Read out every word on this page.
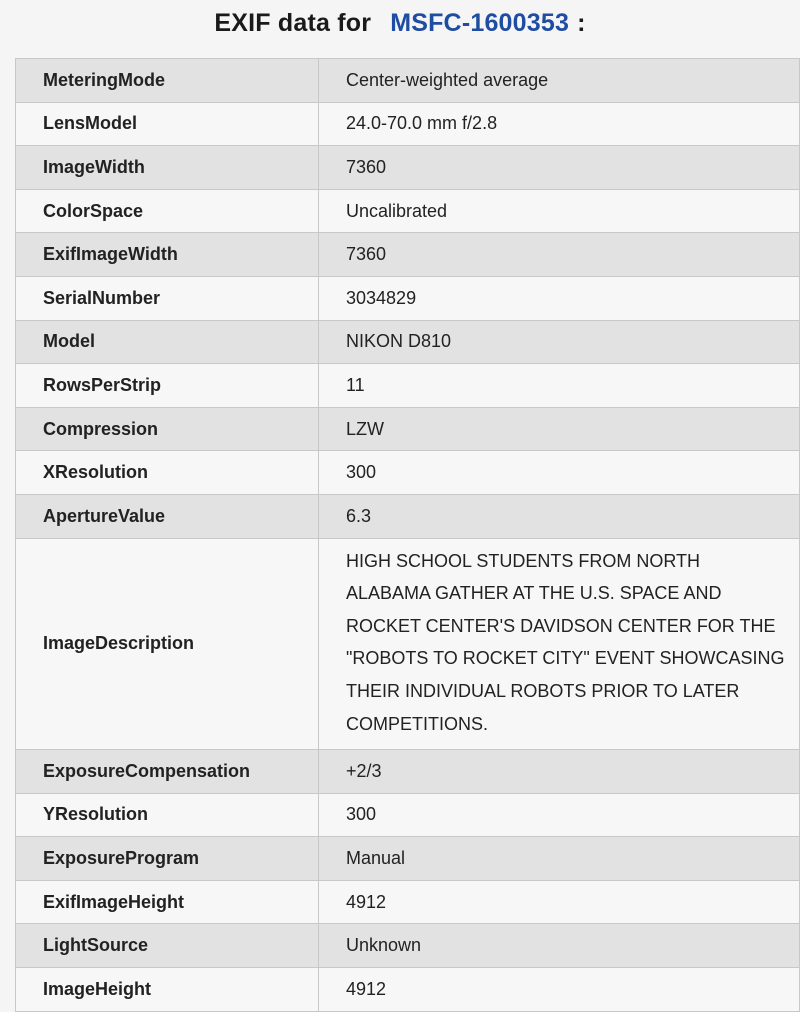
EXIF data for MSFC-1600353 :
MeteringMode	Center-weighted average
LensModel	24.0-70.0 mm f/2.8
ImageWidth	7360
ColorSpace	Uncalibrated
ExifImageWidth	7360
SerialNumber	3034829
Model	NIKON D810
RowsPerStrip	11
Compression	LZW
XResolution	300
ApertureValue	6.3
ImageDescription	HIGH SCHOOL STUDENTS FROM NORTH ALABAMA GATHER AT THE U.S. SPACE AND ROCKET CENTER'S DAVIDSON CENTER FOR THE "ROBOTS TO ROCKET CITY" EVENT SHOWCASING THEIR INDIVIDUAL ROBOTS PRIOR TO LATER COMPETITIONS.
ExposureCompensation	+2/3
YResolution	300
ExposureProgram	Manual
ExifImageHeight	4912
LightSource	Unknown
ImageHeight	4912
